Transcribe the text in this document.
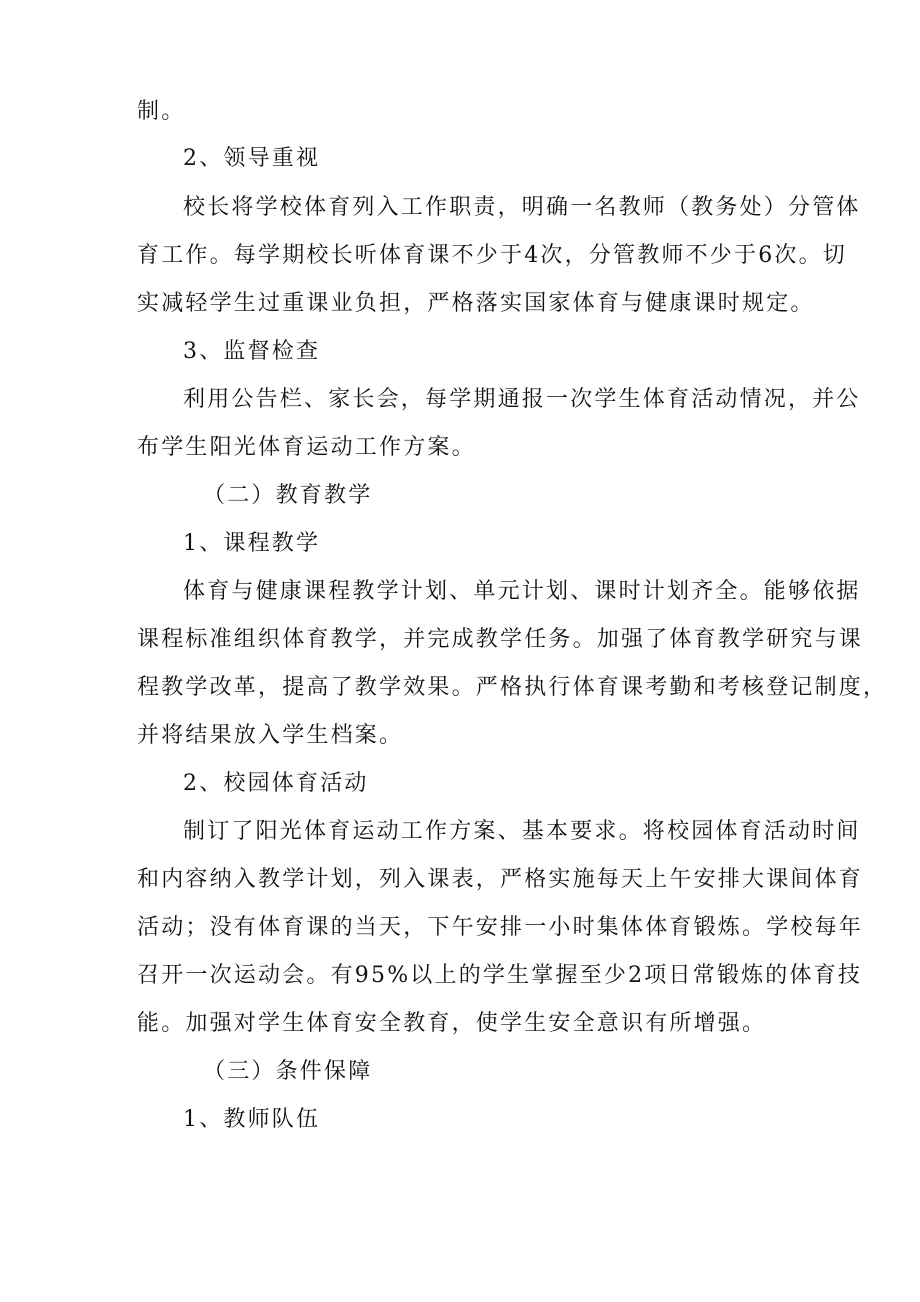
制。
2、领导重视
校长将学校体育列入工作职责，明确一名教师（教务处）分管体
育工作。每学期校长听体育课不少于4次，分管教师不少于6次。切
实减轻学生过重课业负担，严格落实国家体育与健康课时规定。
3、监督检查
利用公告栏、家长会，每学期通报一次学生体育活动情况，并公
布学生阳光体育运动工作方案。
（二）教育教学
1、课程教学
体育与健康课程教学计划、单元计划、课时计划齐全。能够依据
课程标准组织体育教学，并完成教学任务。加强了体育教学研究与课
程教学改革，提高了教学效果。严格执行体育课考勤和考核登记制度，
并将结果放入学生档案。
2、校园体育活动
制订了阳光体育运动工作方案、基本要求。将校园体育活动时间
和内容纳入教学计划，列入课表，严格实施每天上午安排大课间体育
活动；没有体育课的当天，下午安排一小时集体体育锻炼。学校每年
召开一次运动会。有95%以上的学生掌握至少2项日常锻炼的体育技
能。加强对学生体育安全教育，使学生安全意识有所增强。
（三）条件保障
1、教师队伍
